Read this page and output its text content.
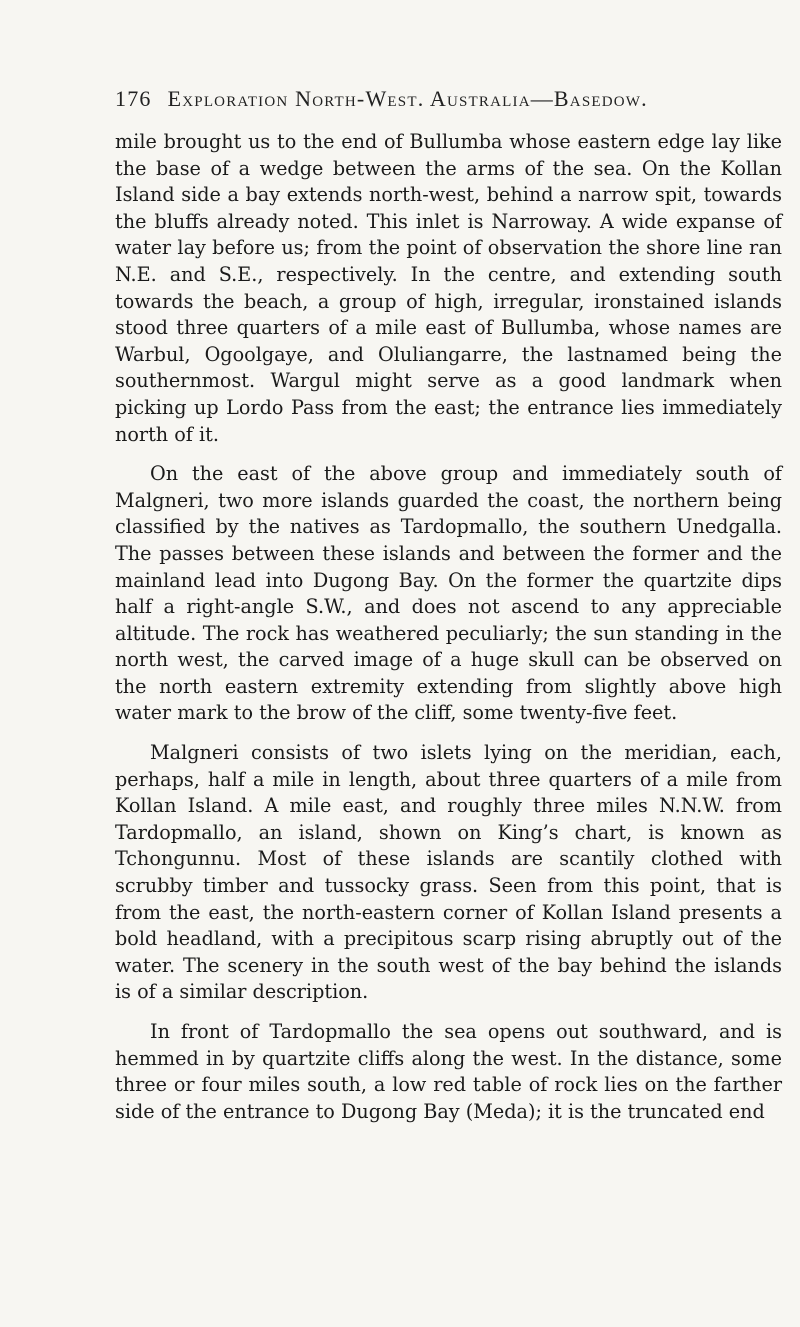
176 Exploration North-West. Australia—Basedow.

mile brought us to the end of Bullumba whose eastern edge lay like the base of a wedge between the arms of the sea. On the Kollan Island side a bay extends north-west, behind a narrow spit, towards the bluffs already noted. This inlet is Narroway. A wide expanse of water lay before us; from the point of observation the shore line ran N.E. and S.E., respectively. In the centre, and extending south towards the beach, a group of high, irregular, ironstained islands stood three quarters of a mile east of Bullumba, whose names are Warbul, Ogoolgaye, and Oluliangarre, the lastnamed being the southernmost. Wargul might serve as a good landmark when picking up Lordo Pass from the east; the entrance lies immediately north of it.

On the east of the above group and immediately south of Malgneri, two more islands guarded the coast, the northern being classified by the natives as Tardopmallo, the southern Unedgalla. The passes between these islands and between the former and the mainland lead into Dugong Bay. On the former the quartzite dips half a right-angle S.W., and does not ascend to any appreciable altitude. The rock has weathered peculiarly; the sun standing in the north west, the carved image of a huge skull can be observed on the north eastern extremity extending from slightly above high water mark to the brow of the cliff, some twenty-five feet.

Malgneri consists of two islets lying on the meridian, each, perhaps, half a mile in length, about three quarters of a mile from Kollan Island. A mile east, and roughly three miles N.N.W. from Tardopmallo, an island, shown on King’s chart, is known as Tchongunnu. Most of these islands are scantily clothed with scrubby timber and tussocky grass. Seen from this point, that is from the east, the north-eastern corner of Kollan Island presents a bold headland, with a precipitous scarp rising abruptly out of the water. The scenery in the south west of the bay behind the islands is of a similar description.

In front of Tardopmallo the sea opens out southward, and is hemmed in by quartzite cliffs along the west. In the distance, some three or four miles south, a low red table of rock lies on the farther side of the entrance to Dugong Bay (Meda); it is the truncated end
